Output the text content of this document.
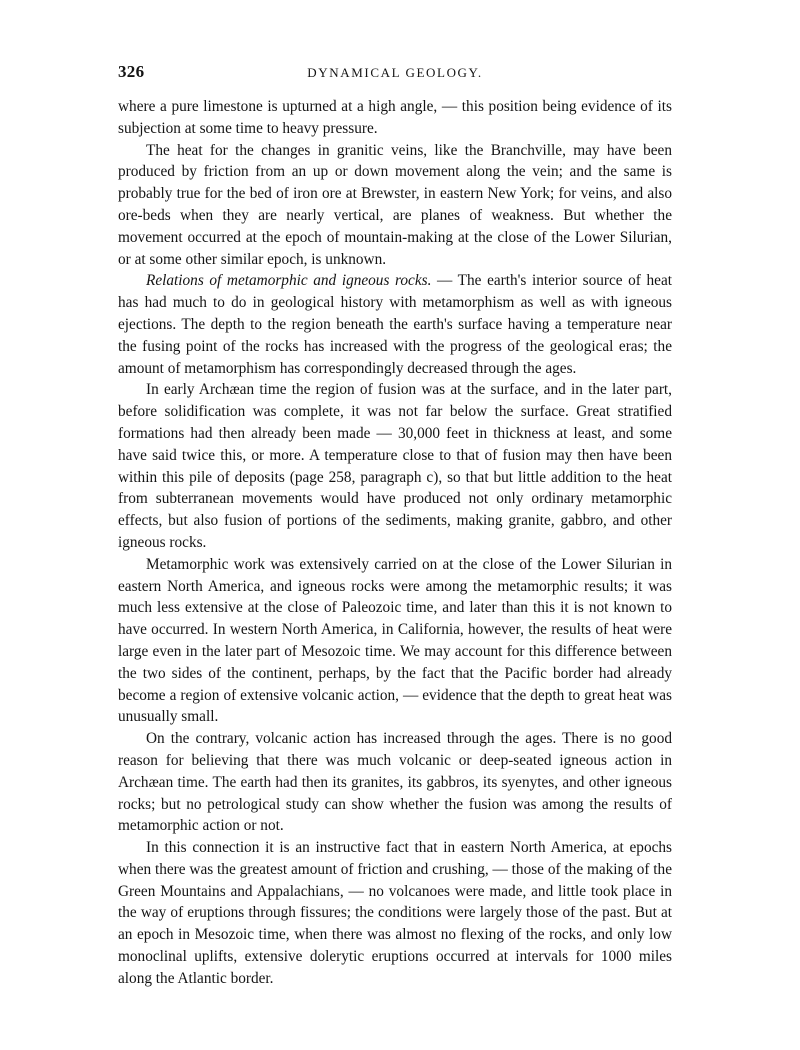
326	DYNAMICAL GEOLOGY.

where a pure limestone is upturned at a high angle, — this position being evidence of its subjection at some time to heavy pressure.

The heat for the changes in granitic veins, like the Branchville, may have been produced by friction from an up or down movement along the vein; and the same is probably true for the bed of iron ore at Brewster, in eastern New York; for veins, and also ore-beds when they are nearly vertical, are planes of weakness. But whether the movement occurred at the epoch of mountain-making at the close of the Lower Silurian, or at some other similar epoch, is unknown.

Relations of metamorphic and igneous rocks. — The earth's interior source of heat has had much to do in geological history with metamorphism as well as with igneous ejections. The depth to the region beneath the earth's surface having a temperature near the fusing point of the rocks has increased with the progress of the geological eras; the amount of metamorphism has correspondingly decreased through the ages.

In early Archæan time the region of fusion was at the surface, and in the later part, before solidification was complete, it was not far below the surface. Great stratified formations had then already been made — 30,000 feet in thickness at least, and some have said twice this, or more. A temperature close to that of fusion may then have been within this pile of deposits (page 258, paragraph c), so that but little addition to the heat from subterranean movements would have produced not only ordinary metamorphic effects, but also fusion of portions of the sediments, making granite, gabbro, and other igneous rocks.

Metamorphic work was extensively carried on at the close of the Lower Silurian in eastern North America, and igneous rocks were among the metamorphic results; it was much less extensive at the close of Paleozoic time, and later than this it is not known to have occurred. In western North America, in California, however, the results of heat were large even in the later part of Mesozoic time. We may account for this difference between the two sides of the continent, perhaps, by the fact that the Pacific border had already become a region of extensive volcanic action, — evidence that the depth to great heat was unusually small.

On the contrary, volcanic action has increased through the ages. There is no good reason for believing that there was much volcanic or deep-seated igneous action in Archæan time. The earth had then its granites, its gabbros, its syenytes, and other igneous rocks; but no petrological study can show whether the fusion was among the results of metamorphic action or not.

In this connection it is an instructive fact that in eastern North America, at epochs when there was the greatest amount of friction and crushing, — those of the making of the Green Mountains and Appalachians, — no volcanoes were made, and little took place in the way of eruptions through fissures; the conditions were largely those of the past. But at an epoch in Mesozoic time, when there was almost no flexing of the rocks, and only low monoclinal uplifts, extensive dolerytic eruptions occurred at intervals for 1000 miles along the Atlantic border.
